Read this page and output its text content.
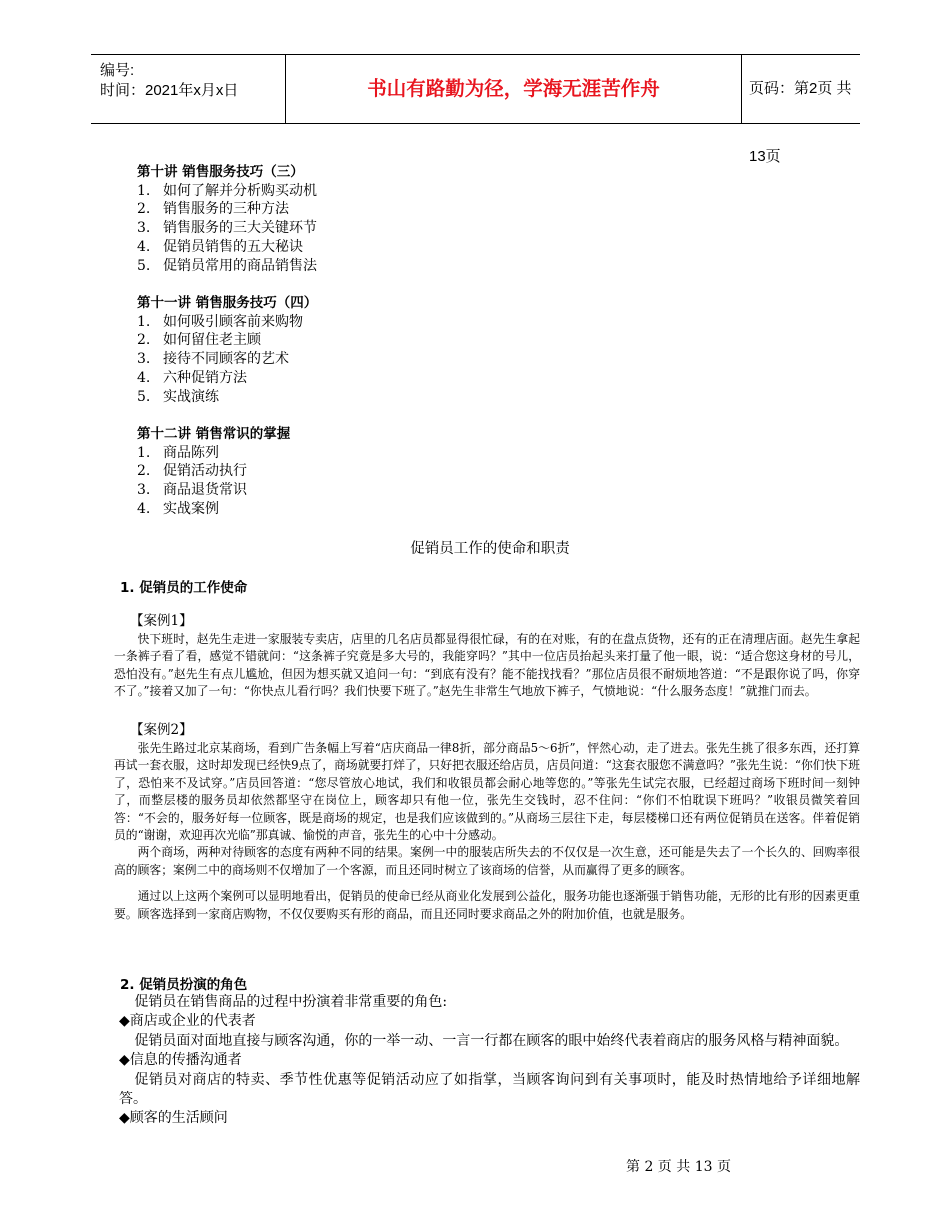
编号:
时间：2021年x月x日	书山有路勤为径，学海无涯苦作舟	页码：第2页 共13页
第十讲 销售服务技巧（三）
1. 如何了解并分析购买动机
2. 销售服务的三种方法
3. 销售服务的三大关键环节
4. 促销员销售的五大秘诀
5. 促销员常用的商品销售法
第十一讲 销售服务技巧（四）
1. 如何吸引顾客前来购物
2. 如何留住老主顾
3. 接待不同顾客的艺术
4. 六种促销方法
5. 实战演练
第十二讲 销售常识的掌握
1. 商品陈列
2. 促销活动执行
3. 商品退货常识
4. 实战案例
促销员工作的使命和职责
1. 促销员的工作使命
【案例1】

快下班时，赵先生走进一家服装专卖店，店里的几名店员都显得很忙碌，有的在对账，有的在盘点货物，还有的正在清理店面。赵先生拿起一条裤子看了看，感觉不错就问：“这条裤子究竟是多大号的，我能穿吗？”其中一位店员抬起头来打量了他一眼，说：“适合您这身材的号儿，恐怕没有。”赵先生有点儿尴尬，但因为想买就又追问一句：“到底有没有？能不能找找看？”那位店员很不耐烦地答道：“不是跟你说了吗，你穿不了。”接着又加了一句：“你快点儿看行吗？我们快要下班了。”赵先生非常生气地放下裤子，气愤地说：“什么服务态度！”就推门而去。

【案例2】

张先生路过北京某商场，看到广告条幅上写着“店庆商品一律8折，部分商品5～6折”，怦然心动，走了进去。张先生挑了很多东西，还打算再试一套衣服，这时却发现已经快9点了，商场就要打烊了，只好把衣服还给店员，店员问道：“这套衣服您不满意吗？”张先生说：“你们快下班了，恐怕来不及试穿。”店员回答道：“您尽管放心地试，我们和收银员都会耐心地等您的。”等张先生试完衣服，已经超过商场下班时间一刻钟了，而整层楼的服务员却依然都坚守在岗位上，顾客却只有他一位，张先生交钱时，忍不住问：“你们不怕耽误下班吗？”收银员微笑着回答：“不会的，服务好每一位顾客，既是商场的规定，也是我们应该做到的。”从商场三层往下走，每层楼梯口还有两位促销员在送客。伴着促销员的“谢谢，欢迎再次光临”那真诚、愉悦的声音，张先生的心中十分感动。

两个商场，两种对待顾客的态度有两种不同的结果。案例一中的服装店所失去的不仅仅是一次生意，还可能是失去了一个长久的、回购率很高的顾客；案例二中的商场则不仅增加了一个客源，而且还同时树立了该商场的信誉，从而赢得了更多的顾客。

通过以上这两个案例可以显明地看出，促销员的使命已经从商业化发展到公益化，服务功能也逐渐强于销售功能，无形的比有形的因素更重要。顾客选择到一家商店购物，不仅仅要购买有形的商品，而且还同时要求商品之外的附加价值，也就是服务。

2. 促销员扮演的角色

促销员在销售商品的过程中扮演着非常重要的角色:

◆商店或企业的代表者

促销员面对面地直接与顾客沟通，你的一举一动、一言一行都在顾客的眼中始终代表着商店的服务风格与精神面貌。

◆信息的传播沟通者

促销员对商店的特卖、季节性优惠等促销活动应了如指掌，当顾客询问到有关事项时，能及时热情地给予详细地解答。

◆顾客的生活顾问

第 2 页 共 13 页
